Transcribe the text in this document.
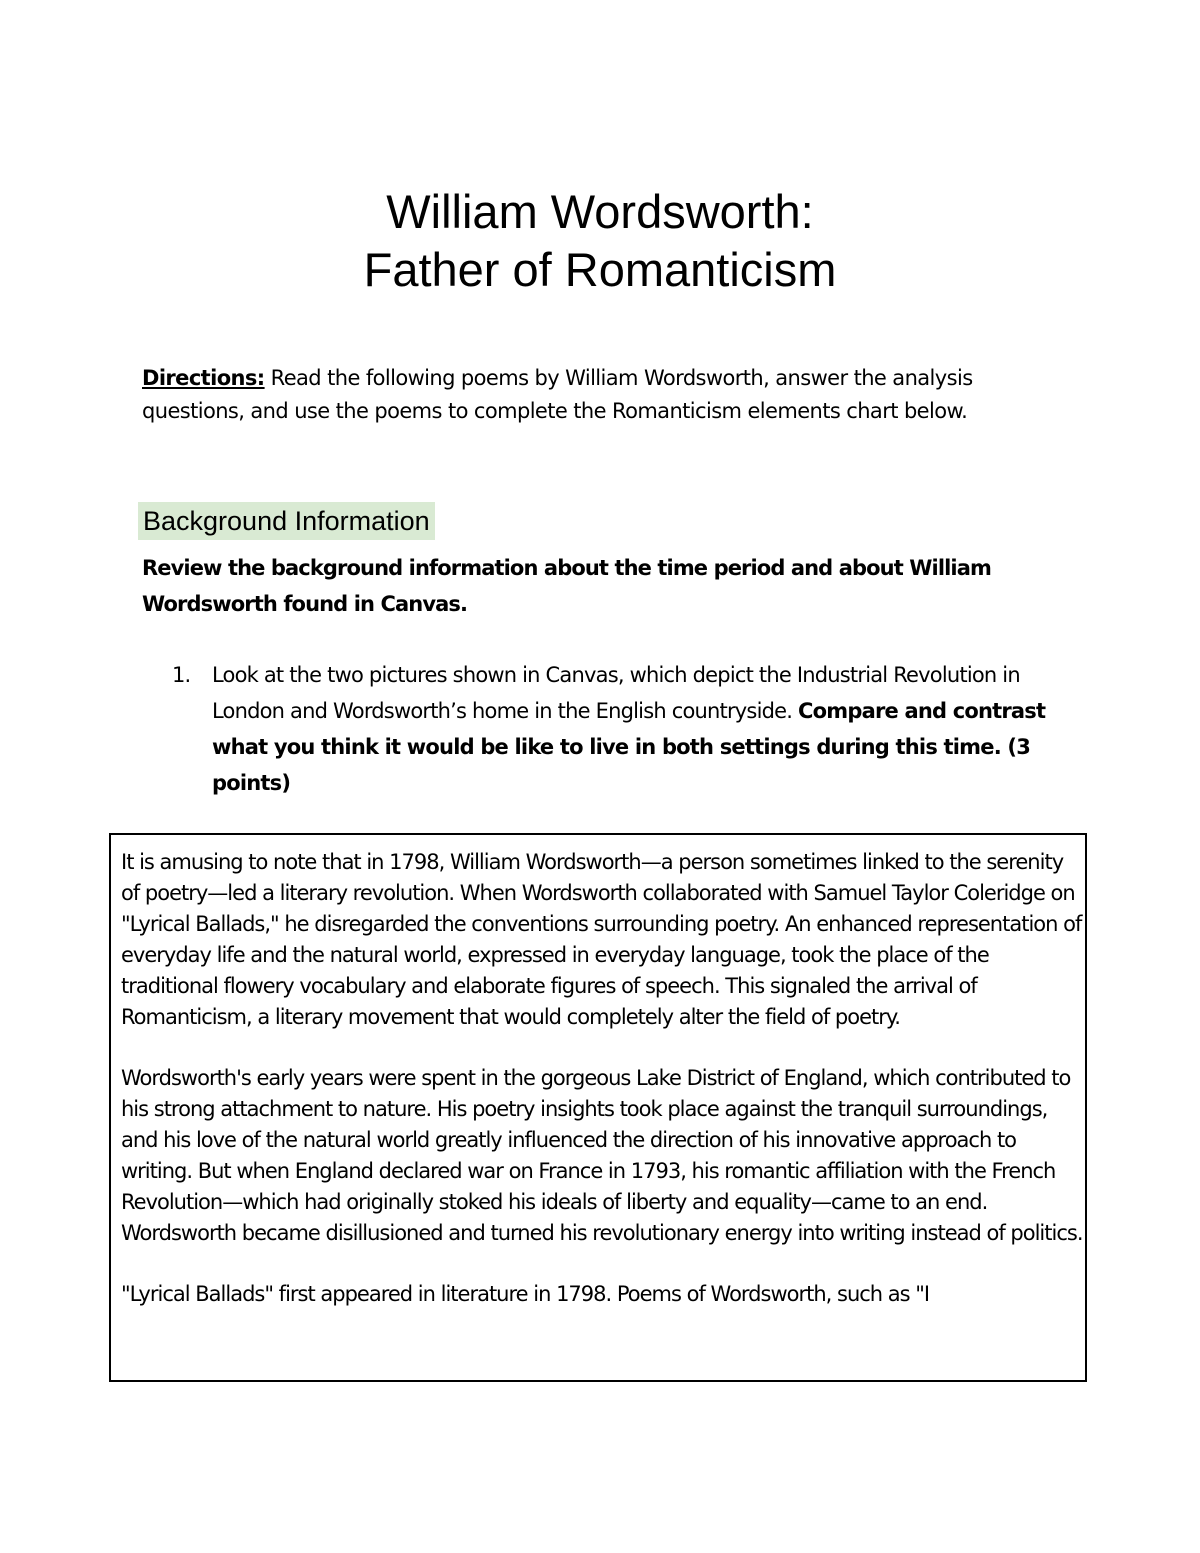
William Wordsworth:
Father of Romanticism

Directions: Read the following poems by William Wordsworth, answer the analysis questions, and use the poems to complete the Romanticism elements chart below.

Background Information

Review the background information about the time period and about William Wordsworth found in Canvas.

1. Look at the two pictures shown in Canvas, which depict the Industrial Revolution in London and Wordsworth’s home in the English countryside. Compare and contrast what you think it would be like to live in both settings during this time. (3 points)

It is amusing to note that in 1798, William Wordsworth—a person sometimes linked to the serenity of poetry—led a literary revolution. When Wordsworth collaborated with Samuel Taylor Coleridge on "Lyrical Ballads," he disregarded the conventions surrounding poetry. An enhanced representation of everyday life and the natural world, expressed in everyday language, took the place of the traditional flowery vocabulary and elaborate figures of speech. This signaled the arrival of Romanticism, a literary movement that would completely alter the field of poetry.

Wordsworth's early years were spent in the gorgeous Lake District of England, which contributed to his strong attachment to nature. His poetry insights took place against the tranquil surroundings, and his love of the natural world greatly influenced the direction of his innovative approach to writing. But when England declared war on France in 1793, his romantic affiliation with the French Revolution—which had originally stoked his ideals of liberty and equality—came to an end. Wordsworth became disillusioned and turned his revolutionary energy into writing instead of politics.

"Lyrical Ballads" first appeared in literature in 1798. Poems of Wordsworth, such as "I
